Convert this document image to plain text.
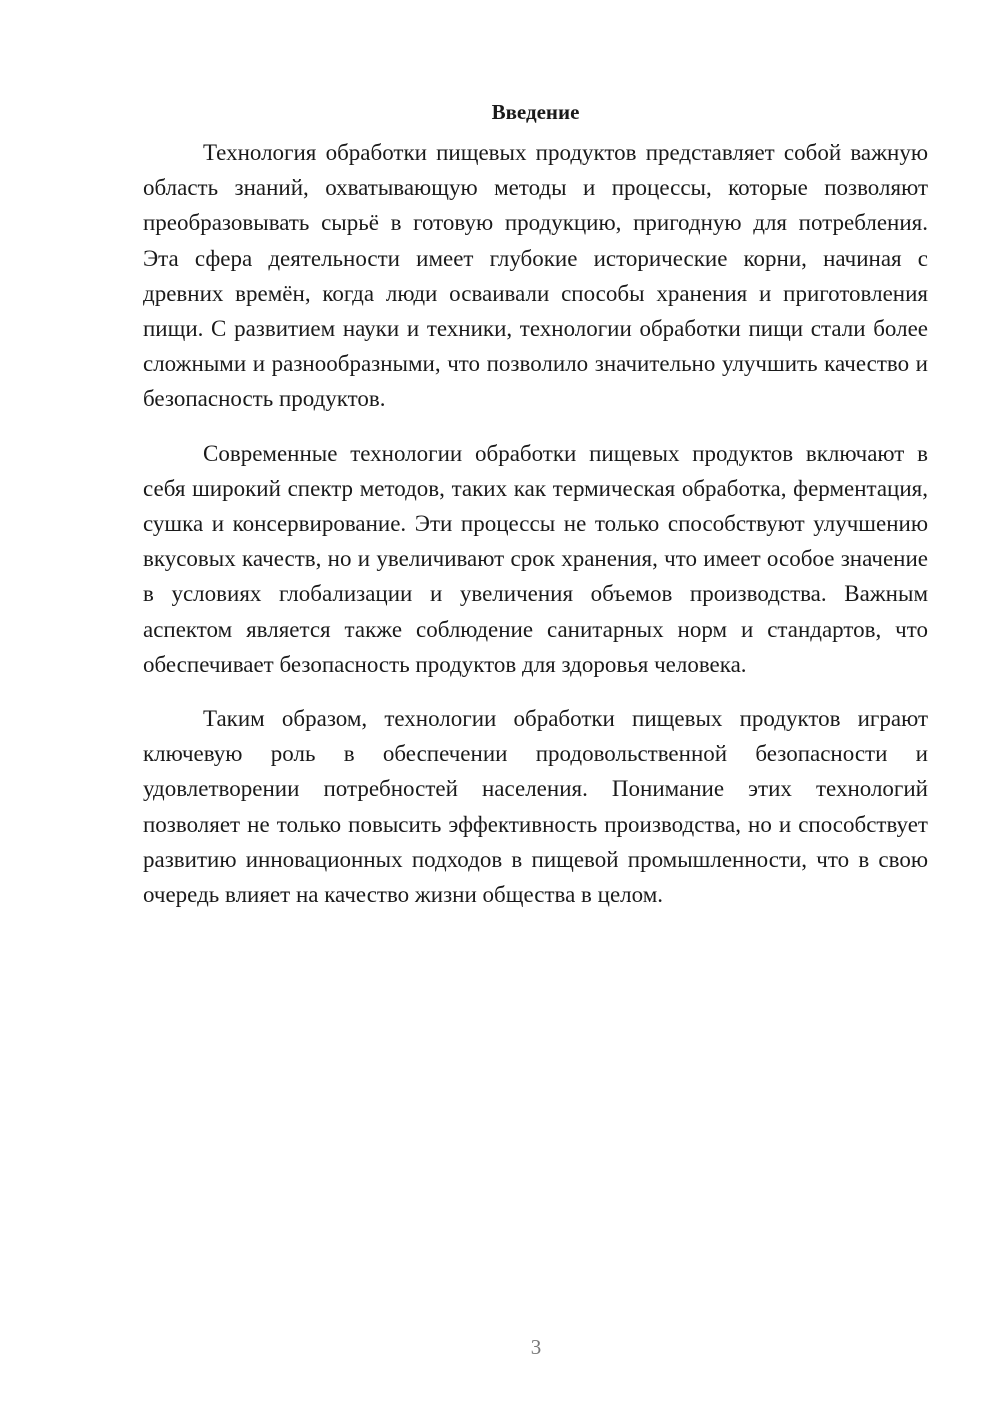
Введение

Технология обработки пищевых продуктов представляет собой важную область знаний, охватывающую методы и процессы, которые позволяют преобразовывать сырьё в готовую продукцию, пригодную для потребления. Эта сфера деятельности имеет глубокие исторические корни, начиная с древних времён, когда люди осваивали способы хранения и приготовления пищи. С развитием науки и техники, технологии обработки пищи стали более сложными и разнообразными, что позволило значительно улучшить качество и безопасность продуктов.

Современные технологии обработки пищевых продуктов включают в себя широкий спектр методов, таких как термическая обработка, ферментация, сушка и консервирование. Эти процессы не только способствуют улучшению вкусовых качеств, но и увеличивают срок хранения, что имеет особое значение в условиях глобализации и увеличения объемов производства. Важным аспектом является также соблюдение санитарных норм и стандартов, что обеспечивает безопасность продуктов для здоровья человека.

Таким образом, технологии обработки пищевых продуктов играют ключевую роль в обеспечении продовольственной безопасности и удовлетворении потребностей населения. Понимание этих технологий позволяет не только повысить эффективность производства, но и способствует развитию инновационных подходов в пищевой промышленности, что в свою очередь влияет на качество жизни общества в целом.

3
